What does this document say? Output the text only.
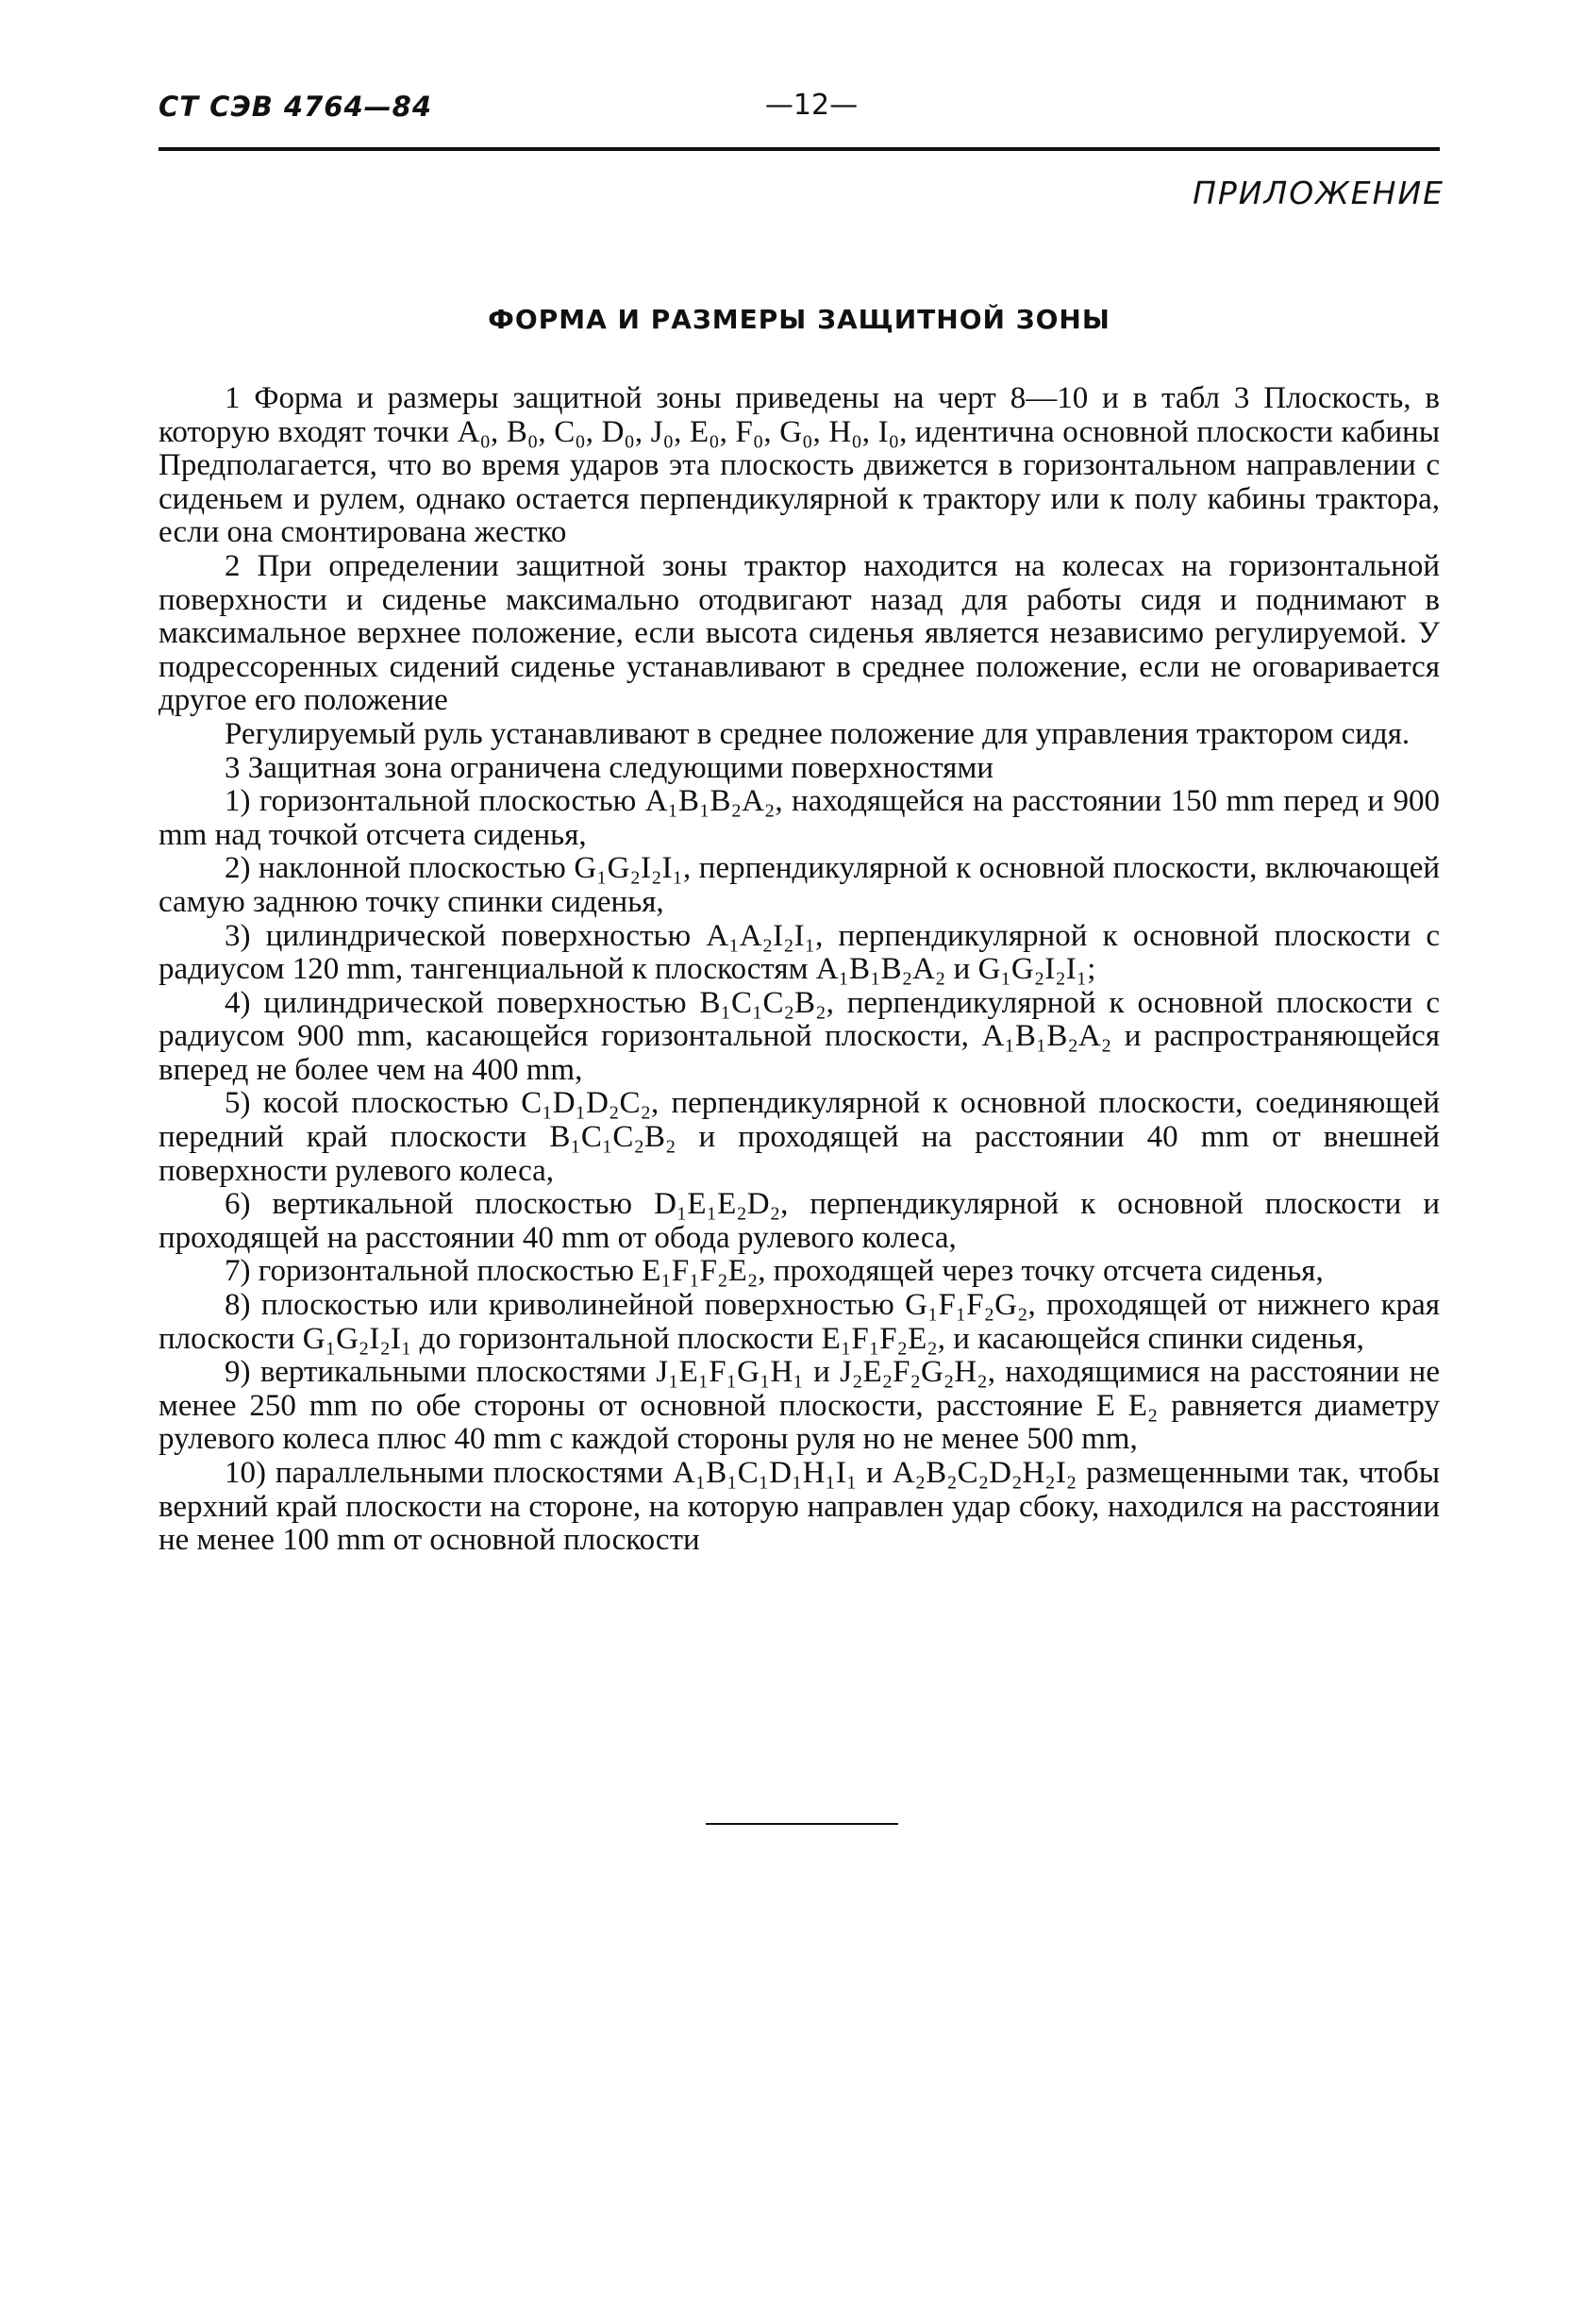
СТ СЭВ 4764—84	—12—
ПРИЛОЖЕНИЕ
ФОРМА И РАЗМЕРЫ ЗАЩИТНОЙ ЗОНЫ

1 Форма и размеры защитной зоны приведены на черт 8—10 и в табл 3 Плоскость, в которую входят точки A₀, B₀, C₀, D₀, J₀, E₀, F₀, G₀, H₀, I₀, идентична основной плоскости кабины Предполагается, что во время ударов эта плоскость движется в горизонтальном направлении с сиденьем и рулем, однако остается перпендикулярной к трактору или к полу кабины трактора, если она смонтирована жестко

2 При определении защитной зоны трактор находится на колесах на горизонтальной поверхности и сиденье максимально отодвигают назад для работы сидя и поднимают в максимальное верхнее положение, если высота сиденья является независимо регулируемой. У подрессоренных сидений сиденье устанавливают в среднее положение, если не оговаривается другое его положение

Регулируемый руль устанавливают в среднее положение для управления трактором сидя.

3 Защитная зона ограничена следующими поверхностями

1) горизонтальной плоскостью A₁B₁B₂A₂, находящейся на расстоянии 150 mm перед и 900 mm над точкой отсчета сиденья,

2) наклонной плоскостью G₁G₂I₂I₁, перпендикулярной к основной плоскости, включающей самую заднюю точку спинки сиденья,

3) цилиндрической поверхностью A₁A₂I₂I₁, перпендикулярной к основной плоскости с радиусом 120 mm, тангенциальной к плоскостям A₁B₁B₂A₂ и G₁G₂I₂I₁;

4) цилиндрической поверхностью B₁C₁C₂B₂, перпендикулярной к основной плоскости с радиусом 900 mm, касающейся горизонтальной плоскости, A₁B₁B₂A₂ и распространяющейся вперед не более чем на 400 mm,

5) косой плоскостью C₁D₁D₂C₂, перпендикулярной к основной плоскости, соединяющей передний край плоскости B₁C₁C₂B₂ и проходящей на расстоянии 40 mm от внешней поверхности рулевого колеса,

6) вертикальной плоскостью D₁E₁E₂D₂, перпендикулярной к основной плоскости и проходящей на расстоянии 40 mm от обода рулевого колеса,

7) горизонтальной плоскостью E₁F₁F₂E₂, проходящей через точку отсчета сиденья,

8) плоскостью или криволинейной поверхностью G₁F₁F₂G₂, проходящей от нижнего края плоскости G₁G₂I₂I₁ до горизонтальной плоскости E₁F₁F₂E₂, и касающейся спинки сиденья,

9) вертикальными плоскостями J₁E₁F₁G₁H₁ и J₂E₂F₂G₂H₂, находящимися на расстоянии не менее 250 mm по обе стороны от основной плоскости, расстояние E E₂ равняется диаметру рулевого колеса плюс 40 mm с каждой стороны руля но не менее 500 mm,

10) параллельными плоскостями A₁B₁C₁D₁H₁I₁ и A₂B₂C₂D₂H₂I₂ размещенными так, чтобы верхний край плоскости на стороне, на которую направлен удар сбоку, находился на расстоянии не менее 100 mm от основной плоскости
